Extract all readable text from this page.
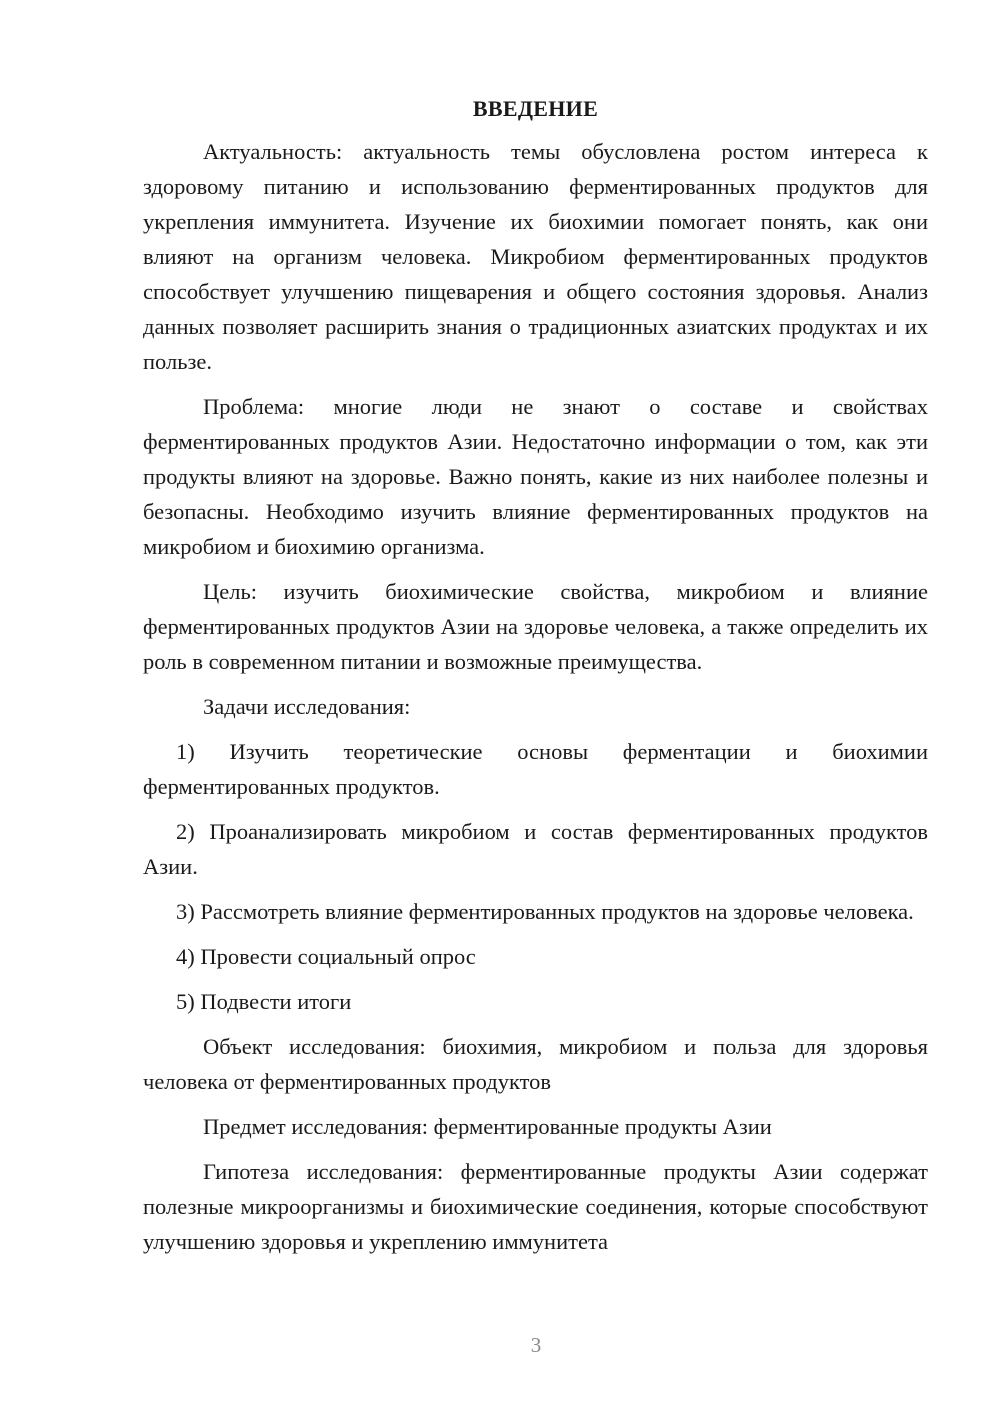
ВВЕДЕНИЕ

Актуальность: актуальность темы обусловлена ростом интереса к здоровому питанию и использованию ферментированных продуктов для укрепления иммунитета. Изучение их биохимии помогает понять, как они влияют на организм человека. Микробиом ферментированных продуктов способствует улучшению пищеварения и общего состояния здоровья. Анализ данных позволяет расширить знания о традиционных азиатских продуктах и их пользе.

Проблема: многие люди не знают о составе и свойствах ферментированных продуктов Азии. Недостаточно информации о том, как эти продукты влияют на здоровье. Важно понять, какие из них наиболее полезны и безопасны. Необходимо изучить влияние ферментированных продуктов на микробиом и биохимию организма.

Цель: изучить биохимические свойства, микробиом и влияние ферментированных продуктов Азии на здоровье человека, а также определить их роль в современном питании и возможные преимущества.

Задачи исследования:

1) Изучить теоретические основы ферментации и биохимии ферментированных продуктов.

2) Проанализировать микробиом и состав ферментированных продуктов Азии.

3) Рассмотреть влияние ферментированных продуктов на здоровье человека.

4) Провести социальный опрос

5) Подвести итоги

Объект исследования: биохимия, микробиом и польза для здоровья человека от ферментированных продуктов

Предмет исследования: ферментированные продукты Азии

Гипотеза исследования: ферментированные продукты Азии содержат полезные микроорганизмы и биохимические соединения, которые способствуют улучшению здоровья и укреплению иммунитета

3
